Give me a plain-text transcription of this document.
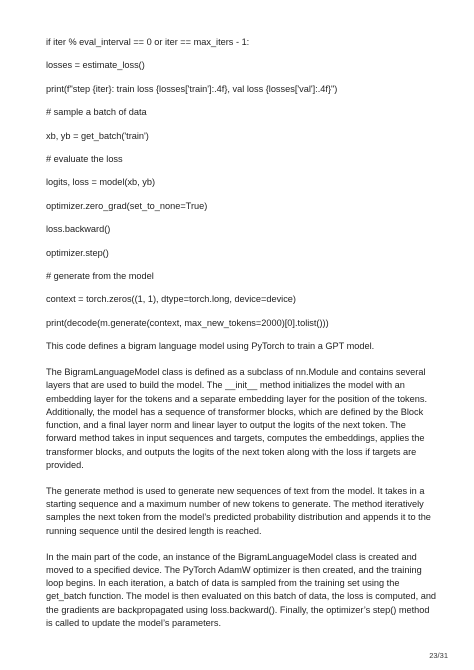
if iter % eval_interval == 0 or iter == max_iters - 1:
losses = estimate_loss()
print(f"step {iter}: train loss {losses['train']:.4f}, val loss {losses['val']:.4f}")
# sample a batch of data
xb, yb = get_batch('train')
# evaluate the loss
logits, loss = model(xb, yb)
optimizer.zero_grad(set_to_none=True)
loss.backward()
optimizer.step()
# generate from the model
context = torch.zeros((1, 1), dtype=torch.long, device=device)
print(decode(m.generate(context, max_new_tokens=2000)[0].tolist()))

This code defines a bigram language model using PyTorch to train a GPT model.

The BigramLanguageModel class is defined as a subclass of nn.Module and contains several layers that are used to build the model. The __init__ method initializes the model with an embedding layer for the tokens and a separate embedding layer for the position of the tokens. Additionally, the model has a sequence of transformer blocks, which are defined by the Block function, and a final layer norm and linear layer to output the logits of the next token. The forward method takes in input sequences and targets, computes the embeddings, applies the transformer blocks, and outputs the logits of the next token along with the loss if targets are provided.

The generate method is used to generate new sequences of text from the model. It takes in a starting sequence and a maximum number of new tokens to generate. The method iteratively samples the next token from the model’s predicted probability distribution and appends it to the running sequence until the desired length is reached.

In the main part of the code, an instance of the BigramLanguageModel class is created and moved to a specified device. The PyTorch AdamW optimizer is then created, and the training loop begins. In each iteration, a batch of data is sampled from the training set using the get_batch function. The model is then evaluated on this batch of data, the loss is computed, and the gradients are backpropagated using loss.backward(). Finally, the optimizer’s step() method is called to update the model’s parameters.

23/31
